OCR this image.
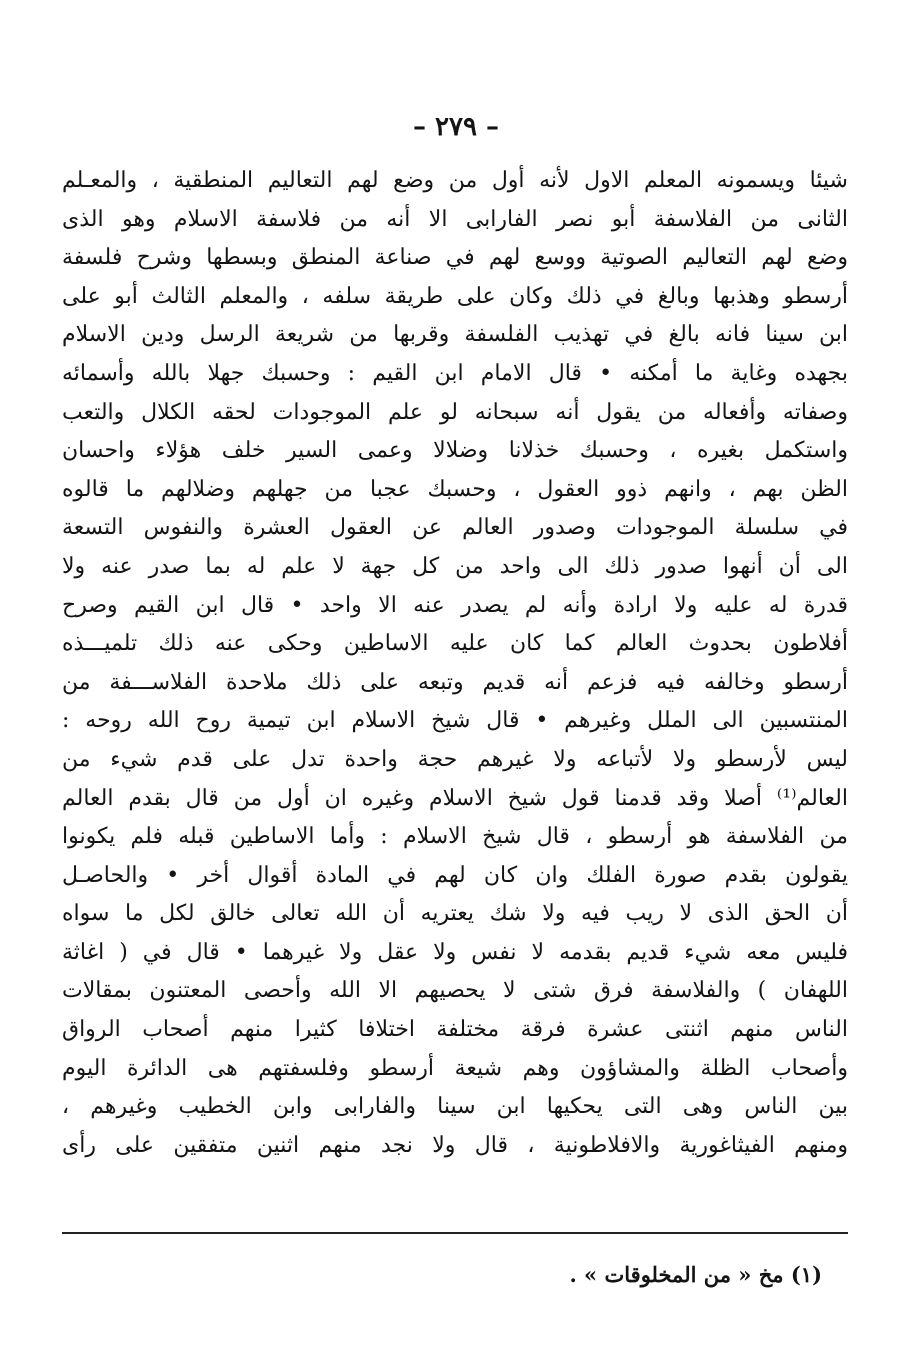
– ٢٧٩ –
شيئا ويسمونه المعلم الاول لأنه أول من وضع لهم التعاليم المنطقية ، والمعـلم
الثانى من الفلاسفة أبو نصر الفارابى الا أنه من فلاسفة الاسلام وهو الذى
وضع لهم التعاليم الصوتية ووسع لهم في صناعة المنطق وبسطها وشرح فلسفة
أرسطو وهذبها وبالغ في ذلك وكان على طريقة سلفه ، والمعلم الثالث أبو على
ابن سينا فانه بالغ في تهذيب الفلسفة وقربها من شريعة الرسل ودين الاسلام
بجهده وغاية ما أمكنه • قال الامام ابن القيم : وحسبك جهلا بالله وأسمائه
وصفاته وأفعاله من يقول أنه سبحانه لو علم الموجودات لحقه الكلال والتعب
واستكمل بغيره ، وحسبك خذلانا وضلالا وعمى السير خلف هؤلاء واحسان
الظن بهم ، وانهم ذوو العقول ، وحسبك عجبا من جهلهم وضلالهم ما قالوه
في سلسلة الموجودات وصدور العالم عن العقول العشرة والنفوس التسعة
الى أن أنهوا صدور ذلك الى واحد من كل جهة لا علم له بما صدر عنه ولا
قدرة له عليه ولا ارادة وأنه لم يصدر عنه الا واحد • قال ابن القيم وصرح
أفلاطون بحدوث العالم كما كان عليه الاساطين وحكى عنه ذلك تلميـــذه
أرسطو وخالفه فيه فزعم أنه قديم وتبعه على ذلك ملاحدة الفلاســـفة من
المنتسبين الى الملل وغيرهم • قال شيخ الاسلام ابن تيمية روح الله روحه :
ليس لأرسطو ولا لأتباعه ولا غيرهم حجة واحدة تدل على قدم شيء من
العالم⁽¹⁾ أصلا وقد قدمنا قول شيخ الاسلام وغيره ان أول من قال بقدم العالم
من الفلاسفة هو أرسطو ، قال شيخ الاسلام : وأما الاساطين قبله فلم يكونوا
يقولون بقدم صورة الفلك وان كان لهم في المادة أقوال أخر • والحاصـل
أن الحق الذى لا ريب فيه ولا شك يعتريه أن الله تعالى خالق لكل ما سواه
فليس معه شيء قديم بقدمه لا نفس ولا عقل ولا غيرهما • قال في ( اغاثة
اللهفان ) والفلاسفة فرق شتى لا يحصيهم الا الله وأحصى المعتنون بمقالات
الناس منهم اثنتى عشرة فرقة مختلفة اختلافا كثيرا منهم أصحاب الرواق
وأصحاب الظلة والمشاؤون وهم شيعة أرسطو وفلسفتهم هى الدائرة اليوم
بين الناس وهى التى يحكيها ابن سينا والفارابى وابن الخطيب وغيرهم ،
ومنهم الفيثاغورية والافلاطونية ، قال ولا نجد منهم اثنين متفقين على رأى
(١) مخ « من المخلوقات » .
